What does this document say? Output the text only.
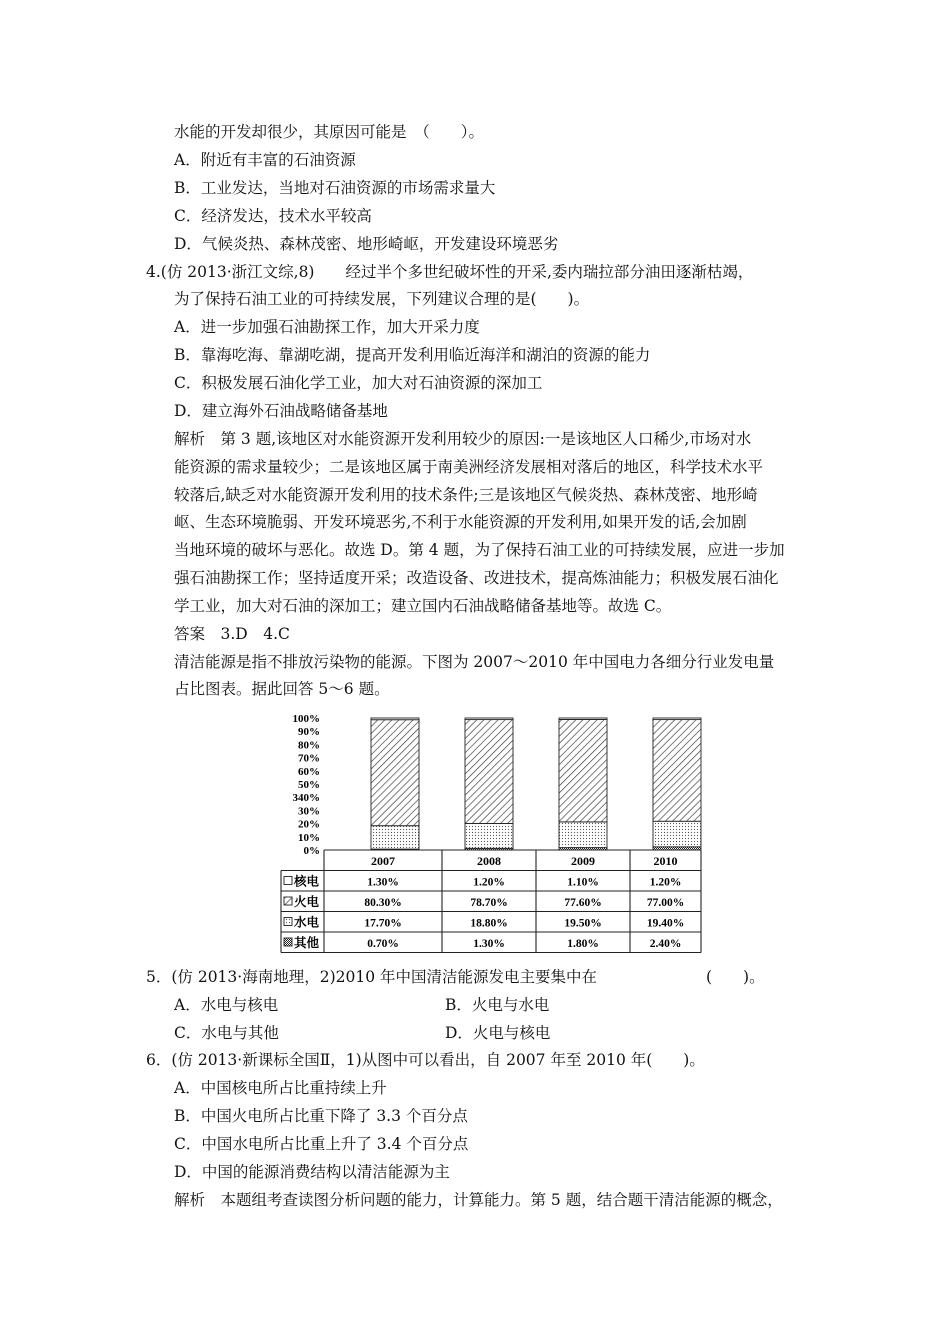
水能的开发却很少，其原因可能是　（　　）。
A．附近有丰富的石油资源
B．工业发达，当地对石油资源的市场需求量大
C．经济发达，技术水平较高
D．气候炎热、森林茂密、地形崎岖，开发建设环境恶劣
4.(仿 2013·浙江文综,8)　　经过半个多世纪破坏性的开采,委内瑞拉部分油田逐渐枯竭，
为了保持石油工业的可持续发展，下列建议合理的是(　　)。
A．进一步加强石油勘探工作，加大开采力度
B．靠海吃海、靠湖吃湖，提高开发利用临近海洋和湖泊的资源的能力
C．积极发展石油化学工业，加大对石油资源的深加工
D．建立海外石油战略储备基地
解析　第 3 题,该地区对水能资源开发利用较少的原因:一是该地区人口稀少,市场对水
能资源的需求量较少；二是该地区属于南美洲经济发展相对落后的地区，科学技术水平
较落后,缺乏对水能资源开发利用的技术条件;三是该地区气候炎热、森林茂密、地形崎
岖、生态环境脆弱、开发环境恶劣,不利于水能资源的开发利用,如果开发的话,会加剧
当地环境的破坏与恶化。故选 D。第 4 题，为了保持石油工业的可持续发展，应进一步加
强石油勘探工作；坚持适度开采；改造设备、改进技术，提高炼油能力；积极发展石油化
学工业，加大对石油的深加工；建立国内石油战略储备基地等。故选 C。
答案　3.D　4.C
清洁能源是指不排放污染物的能源。下图为 2007～2010 年中国电力各细分行业发电量
占比图表。据此回答 5～6 题。
0%
10%
20%
30%
340%
50%
60%
70%
80%
90%
100%
2007	2008	2009	2010
核电	1.30%	1.20%	1.10%	1.20%
火电	80.30%	78.70%	77.60%	77.00%
水电	17.70%	18.80%	19.50%	19.40%
其他	0.70%	1.30%	1.80%	2.40%
5．(仿 2013·海南地理，2)2010 年中国清洁能源发电主要集中在	(　　)。
A．水电与核电	B．火电与水电
C．水电与其他	D．火电与核电
6．(仿 2013·新课标全国Ⅱ，1)从图中可以看出，自 2007 年至 2010 年(　　)。
A．中国核电所占比重持续上升
B．中国火电所占比重下降了 3.3 个百分点
C．中国水电所占比重上升了 3.4 个百分点
D．中国的能源消费结构以清洁能源为主
解析　本题组考查读图分析问题的能力，计算能力。第 5 题，结合题干清洁能源的概念，
